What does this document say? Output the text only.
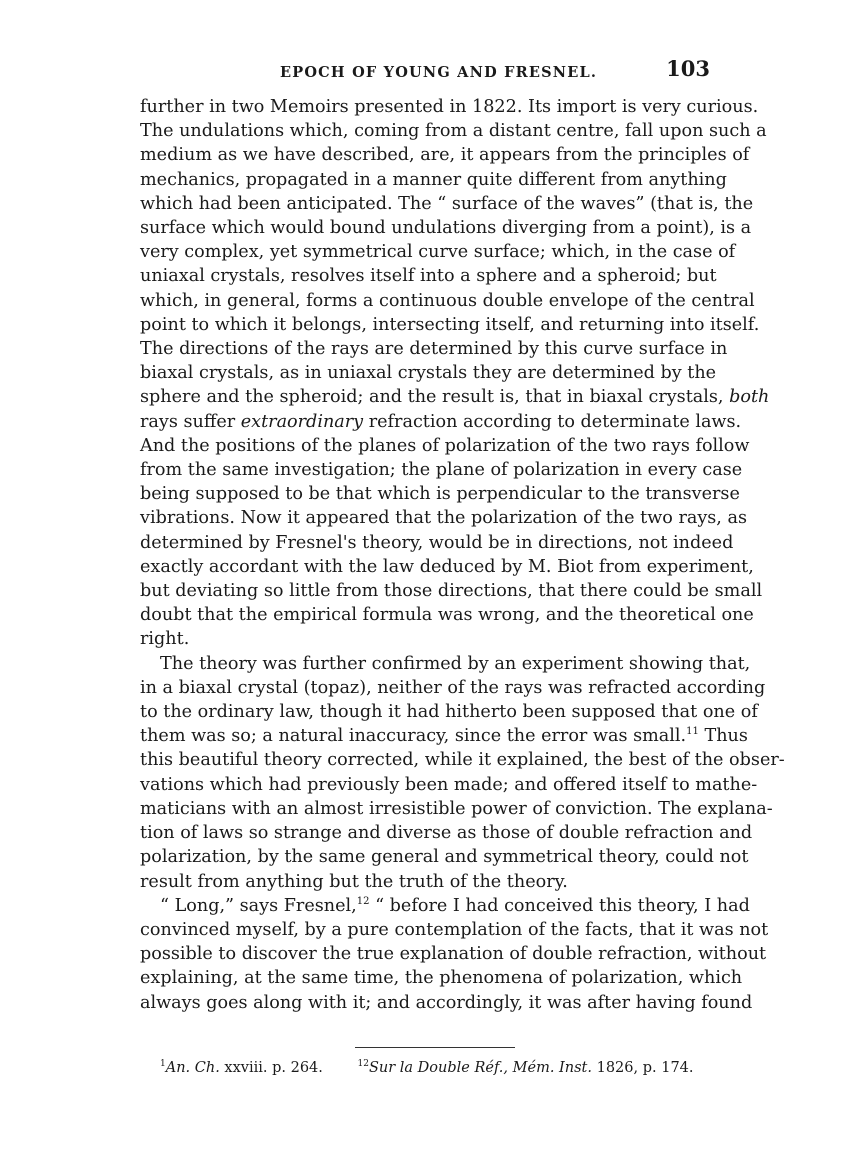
EPOCH OF YOUNG AND FRESNEL.	103
further in two Memoirs presented in 1822. Its import is very curious.
The undulations which, coming from a distant centre, fall upon such a
medium as we have described, are, it appears from the principles of
mechanics, propagated in a manner quite different from anything
which had been anticipated. The “ surface of the waves” (that is, the
surface which would bound undulations diverging from a point), is a
very complex, yet symmetrical curve surface; which, in the case of
uniaxal crystals, resolves itself into a sphere and a spheroid; but
which, in general, forms a continuous double envelope of the central
point to which it belongs, intersecting itself, and returning into itself.
The directions of the rays are determined by this curve surface in
biaxal crystals, as in uniaxal crystals they are determined by the
sphere and the spheroid; and the result is, that in biaxal crystals, both
rays suffer extraordinary refraction according to determinate laws.
And the positions of the planes of polarization of the two rays follow
from the same investigation; the plane of polarization in every case
being supposed to be that which is perpendicular to the transverse
vibrations. Now it appeared that the polarization of the two rays, as
determined by Fresnel's theory, would be in directions, not indeed
exactly accordant with the law deduced by M. Biot from experiment,
but deviating so little from those directions, that there could be small
doubt that the empirical formula was wrong, and the theoretical one
right.
The theory was further confirmed by an experiment showing that,
in a biaxal crystal (topaz), neither of the rays was refracted according
to the ordinary law, though it had hitherto been supposed that one of
them was so; a natural inaccuracy, since the error was small.$^{11}$ Thus
this beautiful theory corrected, while it explained, the best of the obser-
vations which had previously been made; and offered itself to mathe-
maticians with an almost irresistible power of conviction. The explana-
tion of laws so strange and diverse as those of double refraction and
polarization, by the same general and symmetrical theory, could not
result from anything but the truth of the theory.
“ Long,” says Fresnel,$^{12}$ “ before I had conceived this theory, I had
convinced myself, by a pure contemplation of the facts, that it was not
possible to discover the true explanation of double refraction, without
explaining, at the same time, the phenomena of polarization, which
always goes along with it; and accordingly, it was after having found
$^1$An. Ch. xxviii. p. 264.	$^{12}$Sur la Double Réf., Mém. Inst. 1826, p. 174.
